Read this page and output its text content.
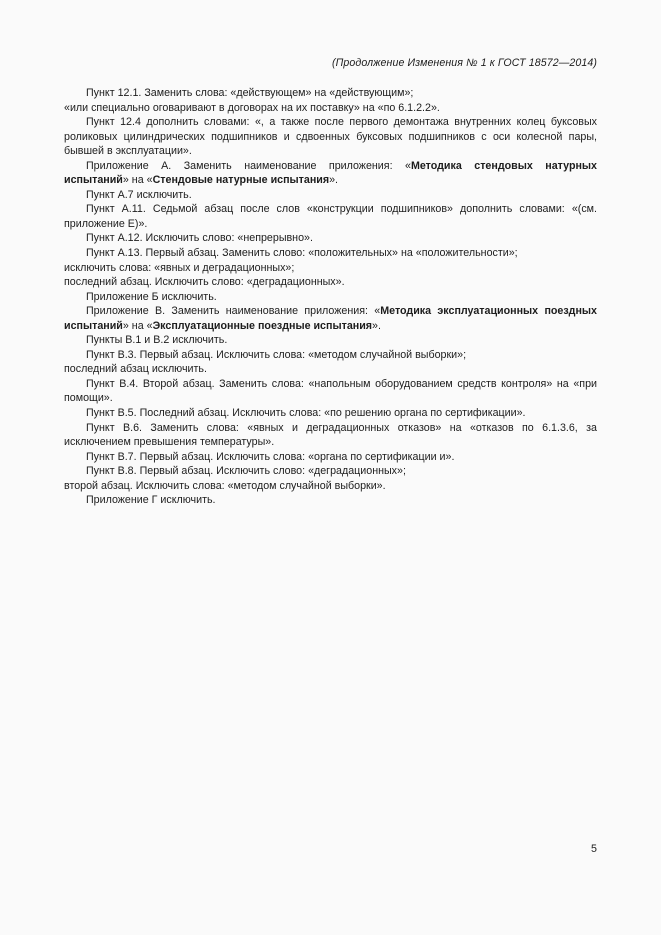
(Продолжение Изменения № 1 к ГОСТ 18572—2014)

Пункт 12.1. Заменить слова: «действующем» на «действующим»;

«или специально оговаривают в договорах на их поставку» на «по 6.1.2.2».

Пункт 12.4 дополнить словами: «, а также после первого демонтажа внутренних колец буксовых роликовых цилиндрических подшипников и сдвоенных буксовых подшипников с оси колесной пары, бывшей в эксплуатации».

Приложение А. Заменить наименование приложения: «Методика стендовых натурных испытаний» на «Стендовые натурные испытания».

Пункт А.7 исключить.

Пункт А.11. Седьмой абзац после слов «конструкции подшипников» дополнить словами: «(см. приложение Е)».

Пункт А.12. Исключить слово: «непрерывно».

Пункт А.13. Первый абзац. Заменить слово: «положительных» на «положительности»;

исключить слова: «явных и деградационных»;

последний абзац. Исключить слово: «деградационных».

Приложение Б исключить.

Приложение В. Заменить наименование приложения: «Методика эксплуатационных поездных испытаний» на «Эксплуатационные поездные испытания».

Пункты В.1 и В.2 исключить.

Пункт В.3. Первый абзац. Исключить слова: «методом случайной выборки»;

последний абзац исключить.

Пункт В.4. Второй абзац. Заменить слова: «напольным оборудованием средств контроля» на «при помощи».

Пункт В.5. Последний абзац. Исключить слова: «по решению органа по сертификации».

Пункт В.6. Заменить слова: «явных и деградационных отказов» на «отказов по 6.1.3.6, за исключением превышения температуры».

Пункт В.7. Первый абзац. Исключить слова: «органа по сертификации и».

Пункт В.8. Первый абзац. Исключить слово: «деградационных»;

второй абзац. Исключить слова: «методом случайной выборки».

Приложение Г исключить.

5
